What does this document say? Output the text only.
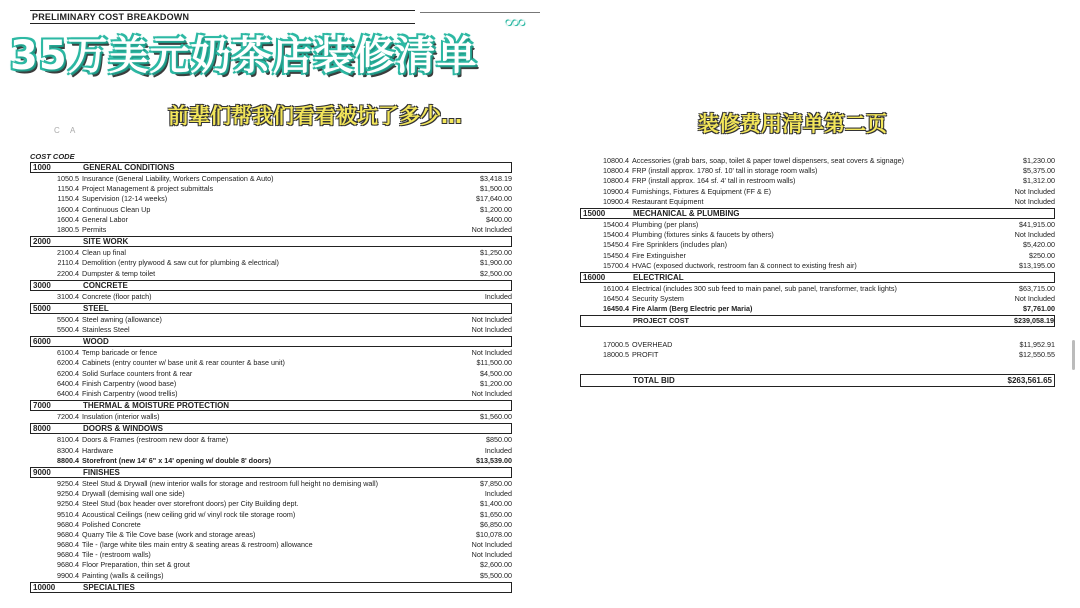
PRELIMINARY COST BREAKDOWN
C   A
COST CODE
1000	GENERAL CONDITIONS
1050.5 Insurance (General Liability, Workers Compensation & Auto)	$3,418.19
1150.4 Project Management & project submittals	$1,500.00
1150.4 Supervision (12-14 weeks)	$17,640.00
1600.4 Continuous Clean Up	$1,200.00
1600.4 General Labor	$400.00
1800.5 Permits	Not Included
2000	SITE WORK
2100.4 Clean up final	$1,250.00
2110.4 Demolition (entry plywood & saw cut for plumbing & electrical)	$1,900.00
2200.4 Dumpster & temp toilet	$2,500.00
3000	CONCRETE
3100.4 Concrete (floor patch)	Included
5000	STEEL
5500.4 Steel awning (allowance)	Not Included
5500.4 Stainless Steel	Not Included
6000	WOOD
6100.4 Temp baricade or fence	Not Included
6200.4 Cabinets (entry counter w/ base unit & rear counter & base unit)	$11,500.00
6200.4 Solid Surface counters front & rear	$4,500.00
6400.4 Finish Carpentry (wood base)	$1,200.00
6400.4 Finish Carpentry (wood trellis)	Not Included
7000	THERMAL & MOISTURE PROTECTION
7200.4 Insulation (interior walls)	$1,560.00
8000	DOORS & WINDOWS
8100.4 Doors & Frames (restroom new door & frame)	$850.00
8300.4 Hardware	Included
8800.4 Storefront (new 14' 6" x 14' opening w/ double 8' doors)	$13,539.00
9000	FINISHES
9250.4 Steel Stud & Drywall (new interior walls for storage and restroom full height no demising wall)	$7,850.00
9250.4 Drywall (demising wall one side)	Included
9250.4 Steel Stud (box header over storefront doors) per City Building dept.	$1,400.00
9510.4 Acoustical Ceilings (new ceiling grid w/ vinyl rock tile storage room)	$1,650.00
9680.4 Polished Concrete	$6,850.00
9680.4 Quarry Tile & Tile Cove base (work and storage areas)	$10,078.00
9680.4 Tile - (large white tiles main entry & seating areas & restroom) allowance	Not Included
9680.4 Tile - (restroom walls)	Not Included
9680.4 Floor Preparation, thin set & grout	$2,600.00
9900.4 Painting (walls & ceilings)	$5,500.00
10000	SPECIALTIES
10800.4 Accessories (grab bars, soap, toilet & paper towel dispensers, seat covers & signage)	$1,230.00
10800.4 FRP (install approx. 1780 sf. 10' tall in storage room walls)	$5,375.00
10800.4 FRP (install approx. 164 sf. 4' tall in restroom walls)	$1,312.00
10900.4 Furnishings, Fixtures & Equipment (FF & E)	Not Included
10900.4 Restaurant Equipment	Not Included
15000	MECHANICAL & PLUMBING
15400.4 Plumbing (per plans)	$41,915.00
15400.4 Plumbing (fixtures sinks & faucets by others)	Not Included
15450.4 Fire Sprinklers (includes plan)	$5,420.00
15450.4 Fire Extinguisher	$250.00
15700.4 HVAC (exposed ductwork, restroom fan & connect to existing fresh air)	$13,195.00
16000	ELECTRICAL
16100.4 Electrical (includes 300 sub feed to main panel, sub panel, transformer, track lights)	$63,715.00
16450.4 Security System	Not Included
16450.4 Fire Alarm (Berg Electric per Maria)	$7,761.00
PROJECT COST	$239,058.19
17000.5 OVERHEAD	$11,952.91
18000.5 PROFIT	$12,550.55
TOTAL BID	$263,561.65
35万美元奶茶店装修清单
•••
前辈们帮我们看看被坑了多少…	装修费用清单第二页
